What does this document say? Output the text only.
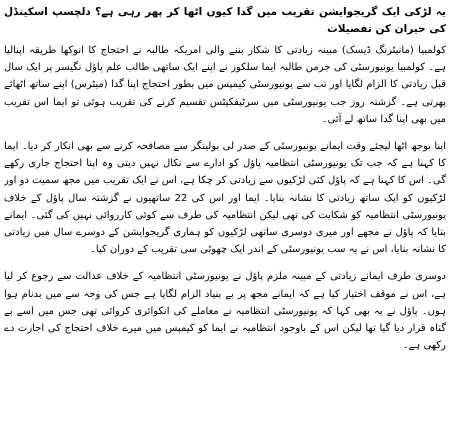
یہ لڑکی ایک گریجوایشن تقریب میں گدا کیوں اٹھا کر پھر رہی ہے؟ دلچسپ اسکینڈل کی حیران کن تفصیلات

کولمبیا (مانیٹرنگ ڈیسک) مبینہ زیادتی کا شکار بننے والی امریکہ طالبہ نے احتجاج کا انوکھا طریقہ اپنالیا ہے۔ کولمبیا یونیورسٹی کی جرمن طالبہ ایما سلکوز نے اپنے ایک ساتھی طالب علم پاؤل نگیسر پر ایک سال قبل زیادتی کا الزام لگایا اور تب سے یونیورسٹی کیمپس میں بطور احتجاج اپنا گدا (میٹرس) اپنے ساتھ اٹھائے پھرتی ہے۔ گزشتہ روز جب یونیورسٹی میں سرٹیفکیٹس تقسیم کرنے کی تقریب ہوئی تو ایما اس تقریب میں بھی اپنا گدا ساتھ لے آئی۔

اپنا بوجھ اٹھا لیجئے وقت ایمانے یونیورسٹی کے صدر لی بولینگر سے مصافحہ کرنے سے بھی انکار کر دیا۔ ایما کا کہنا ہے کہ جب تک یونیورسٹی انتظامیہ پاؤل کو ادارے سے نکال نہیں دیتی وہ اپنا احتجاج جاری رکھے گی۔ اس کا کہنا ہے کہ پاؤل کئی لڑکیوں سے زیادتی کر چکا ہے، اس نے ایک تقریب میں مجھ سمیت دو اور لڑکیوں کو ایک ساتھ زیادتی کا نشانہ بنایا۔ ایما اور اس کی 22 ساتھیوں نے گزشتہ سال پاؤل کے خلاف یونیورسٹی انتظامیہ کو شکایت کی تھی لیکن انتظامیہ کی طرف سے کوئی کارروائی نہیں کی گئی۔ ایمانے بتایا کہ پاؤل نے مجھے اور میری دوسری ساتھی لڑکیوں کو ہماری گریجوایشن کے دوسرے سال میں زیادتی کا نشانہ بنایا، اس نے یہ سب یونیورسٹی کے اندر ایک چھوٹی سی تقریب کے دوران کیا۔

دوسری طرف ایمانے زیادتی کے مبینہ ملزم پاؤل نے یونیورسٹی انتظامیہ کے خلاف عدالت سے رجوع کر لیا ہے، اس نے موقف اختیار کیا ہے کہ ایمانے مجھ پر بے بنیاد الزام لگایا ہے جس کی وجہ سے میں بدنام ہوا ہوں۔ پاؤل نے یہ بھی کہا کہ یونیورسٹی انتظامیہ نے معاملے کی انکوائری کروائی تھی جس میں اسے بے گناہ قرار دیا گیا تھا لیکن اس کے باوجود انتظامیہ نے ایما کو کیمپس میں میرے خلاف احتجاج کی اجازت دے رکھی ہے۔
